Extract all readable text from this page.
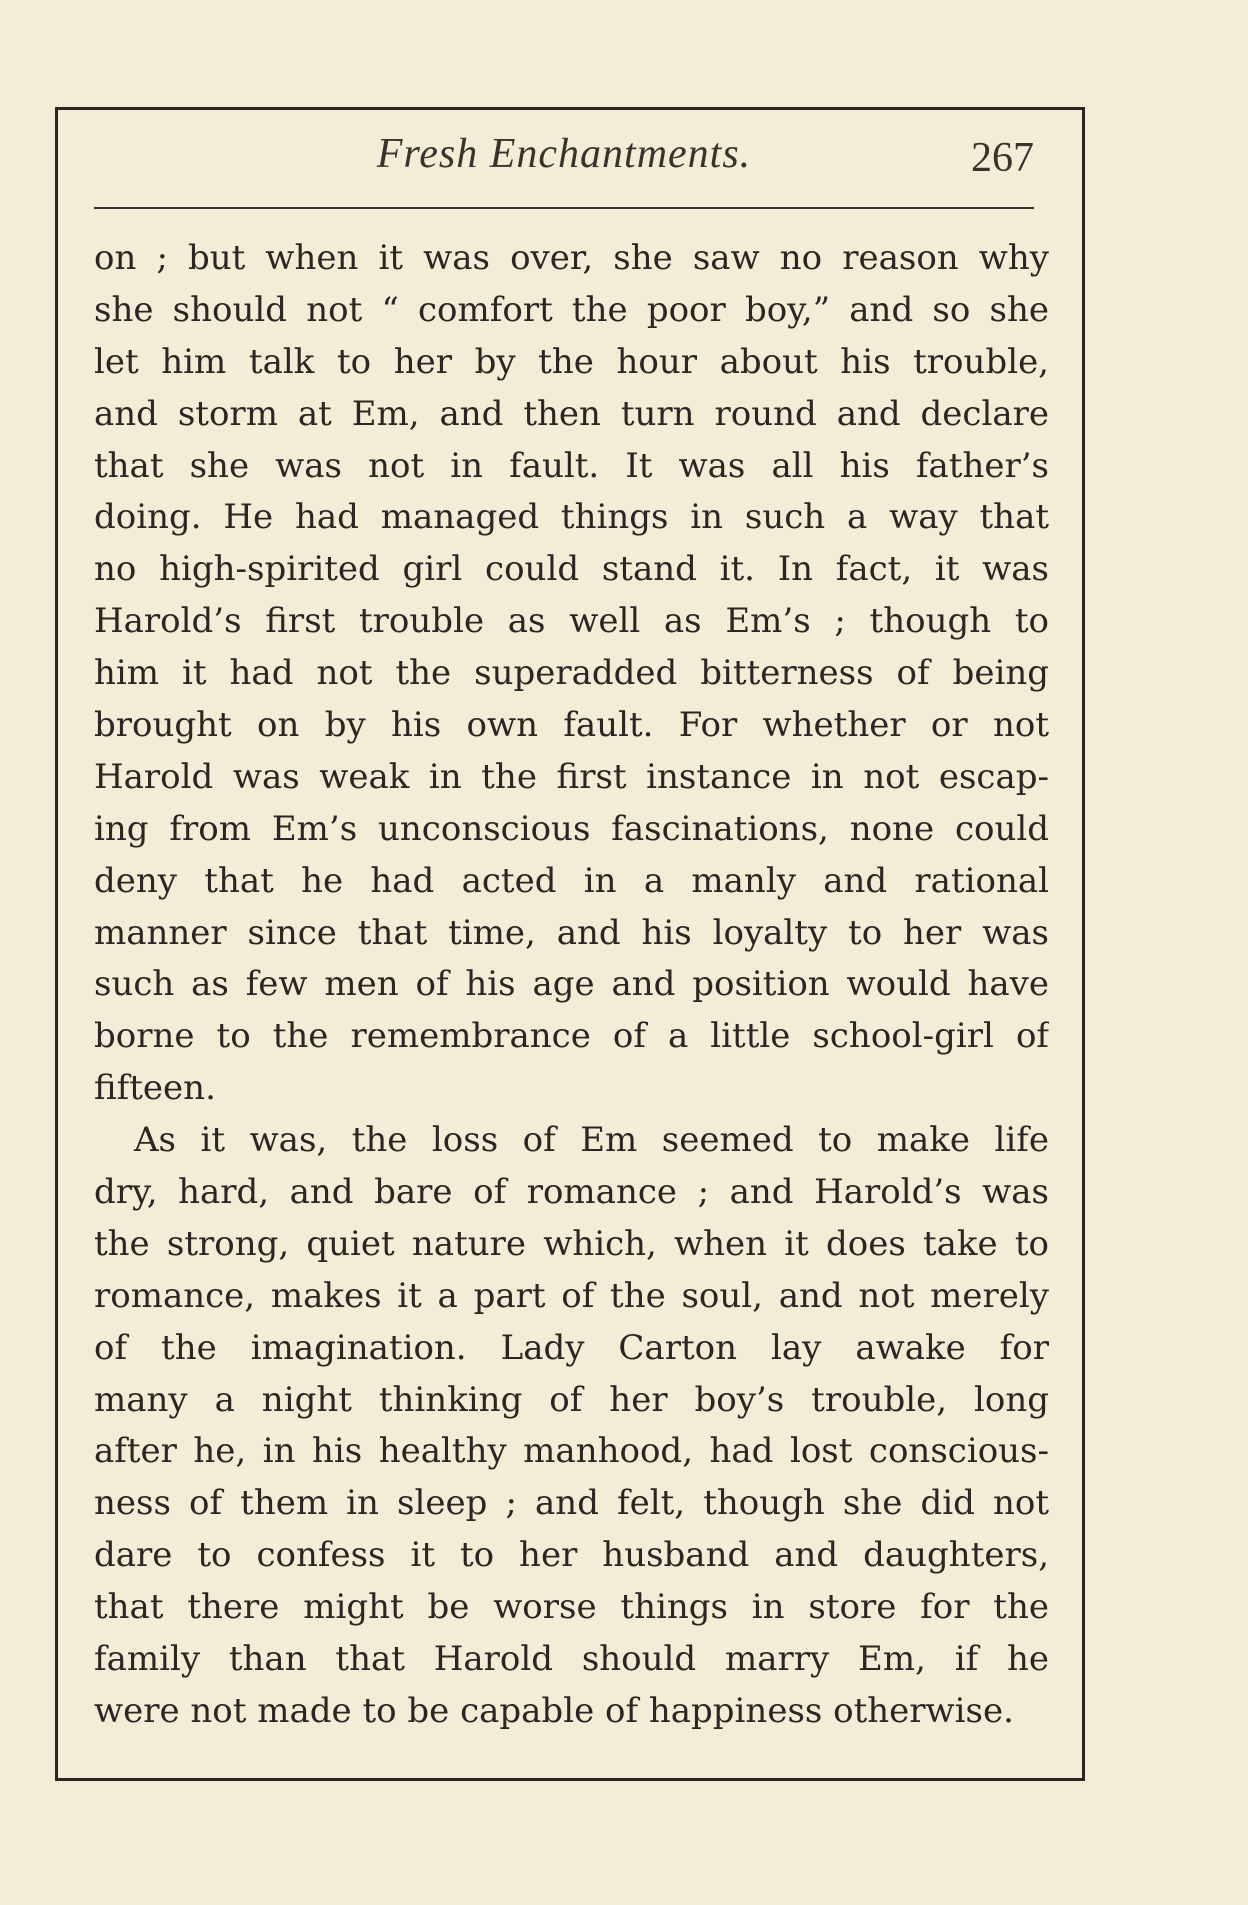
Fresh Enchantments.	267
on ; but when it was over, she saw no reason why
she should not “ comfort the poor boy,” and so she
let him talk to her by the hour about his trouble,
and storm at Em, and then turn round and declare
that she was not in fault. It was all his father’s
doing. He had managed things in such a way that
no high-spirited girl could stand it. In fact, it was
Harold’s first trouble as well as Em’s ; though to
him it had not the superadded bitterness of being
brought on by his own fault. For whether or not
Harold was weak in the first instance in not escap-
ing from Em’s unconscious fascinations, none could
deny that he had acted in a manly and rational
manner since that time, and his loyalty to her was
such as few men of his age and position would have
borne to the remembrance of a little school-girl of
fifteen.
As it was, the loss of Em seemed to make life
dry, hard, and bare of romance ; and Harold’s was
the strong, quiet nature which, when it does take to
romance, makes it a part of the soul, and not merely
of the imagination. Lady Carton lay awake for
many a night thinking of her boy’s trouble, long
after he, in his healthy manhood, had lost conscious-
ness of them in sleep ; and felt, though she did not
dare to confess it to her husband and daughters,
that there might be worse things in store for the
family than that Harold should marry Em, if he
were not made to be capable of happiness otherwise.
